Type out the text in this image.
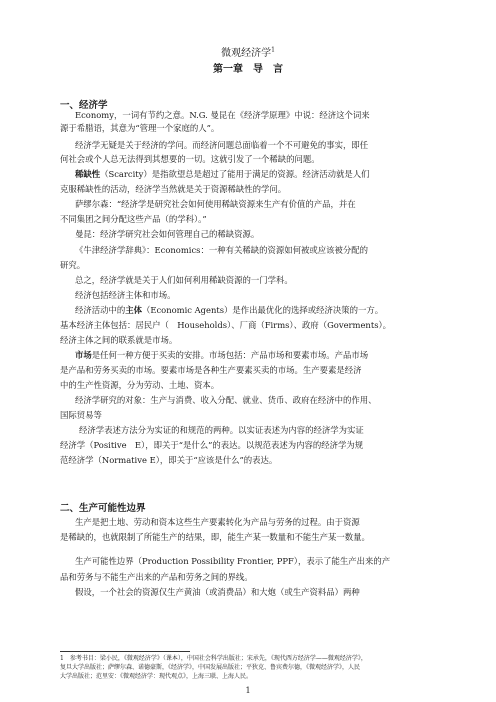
微观经济学$^1$
第一章　导　言
一、经济学
Economy，一词有节约之意。N.G. 曼昆在《经济学原理》中说：经济这个词来
源于希腊语，其意为“管理一个家庭的人”。
经济学无疑是关于经济的学问。而经济问题总面临着一个不可避免的事实，即任
何社会或个人总无法得到其想要的一切。这就引发了一个稀缺的问题。
稀缺性（Scarcity）是指欲望总是超过了能用于满足的资源。经济活动就是人们
克服稀缺性的活动，经济学当然就是关于资源稀缺性的学问。
萨缪尔森：“经济学是研究社会如何使用稀缺资源来生产有价值的产品，并在
不同集团之间分配这些产品（的学科）。”
曼昆：经济学研究社会如何管理自己的稀缺资源。
《牛津经济学辞典》：Economics：一种有关稀缺的资源如何被或应该被分配的
研究。
总之，经济学就是关于人们如何利用稀缺资源的一门学科。
经济包括经济主体和市场。
经济活动中的主体（Economic Agents）是作出最优化的选择或经济决策的一方。
基本经济主体包括：居民户（　Households）、厂商（Firms）、政府（Goverments）。
经济主体之间的联系就是市场。
市场是任何一种方便于买卖的安排。市场包括：产品市场和要素市场。产品市场
是产品和劳务买卖的市场。要素市场是各种生产要素买卖的市场。生产要素是经济
中的生产性资源，分为劳动、土地、资本。
经济学研究的对象：生产与消费、收入分配、就业、货币、政府在经济中的作用、
国际贸易等
经济学表述方法分为实证的和规范的两种。以实证表述为内容的经济学为实证
经济学（Positive　E），即关于“是什么”的表达。以规范表述为内容的经济学为规
范经济学（Normative E），即关于“应该是什么”的表达。
二、生产可能性边界
生产是把土地、劳动和资本这些生产要素转化为产品与劳务的过程。由于资源
是稀缺的，也就限制了所能生产的结果，即，能生产某一数量和不能生产某一数量。
生产可能性边界（Production Possibility Frontier, PPF），表示了能生产出来的产
品和劳务与不能生产出来的产品和劳务之间的界线。
假设，一个社会的资源仅生产黄油（或消费品）和大炮（或生产资料品）两种
1　参考书目：梁小民，《微观经济学》（课本），中国社会科学出版社；宋承先，《现代西方经济学——微观经济学》，
复旦大学出版社；萨缪尔森、诺德豪斯，《经济学》，中国发展出版社；平狄克、鲁宾费尔德，《微观经济学》，人民
大学出版社；范里安：《微观经济学：现代观点》，上海三联、上海人民。
1
